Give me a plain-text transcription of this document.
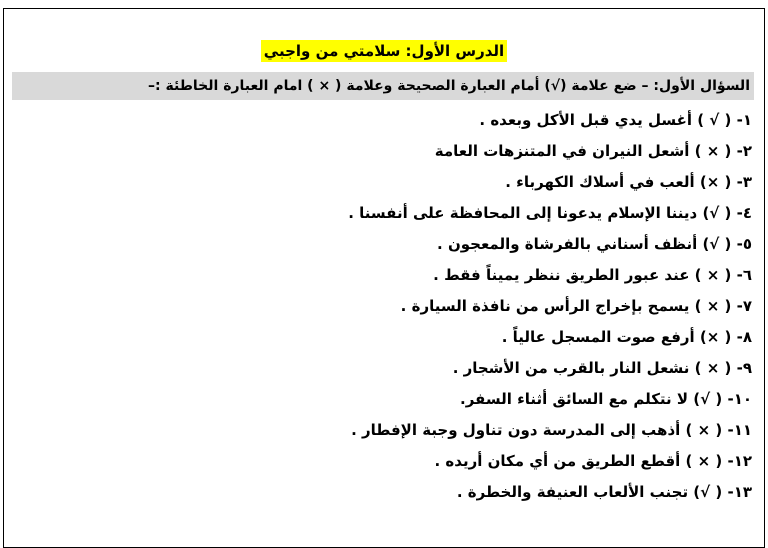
الدرس الأول: سلامتي من واجبي
السؤال الأول: – ضع علامة (√) أمام العبارة الصحيحة وعلامة ( × ) امام العبارة الخاطئة :–
١- ( √ ) أغسل يدي قبل الأكل وبعده .
٢- ( × ) أشعل النيران في المتنزهات العامة
٣- ( ×) ألعب في أسلاك الكهرباء .
٤- ( √) ديننا الإسلام يدعونا إلى المحافظة على أنفسنا .
٥- ( √) أنظف أسناني بالفرشاة والمعجون .
٦- ( × ) عند عبور الطريق ننظر يميناً فقط .
٧- ( × ) يسمح بإخراج الرأس من نافذة السيارة .
٨- ( ×) أرفع صوت المسجل عالياً .
٩- ( × ) نشعل النار بالقرب من الأشجار .
١٠- ( √) لا نتكلم مع السائق أثناء السفر.
١١- ( × ) أذهب إلى المدرسة دون تناول وجبة الإفطار .
١٢- ( × ) أقطع الطريق من أي مكان أريده .
١٣- ( √) تجنب الألعاب العنيفة والخطرة .
